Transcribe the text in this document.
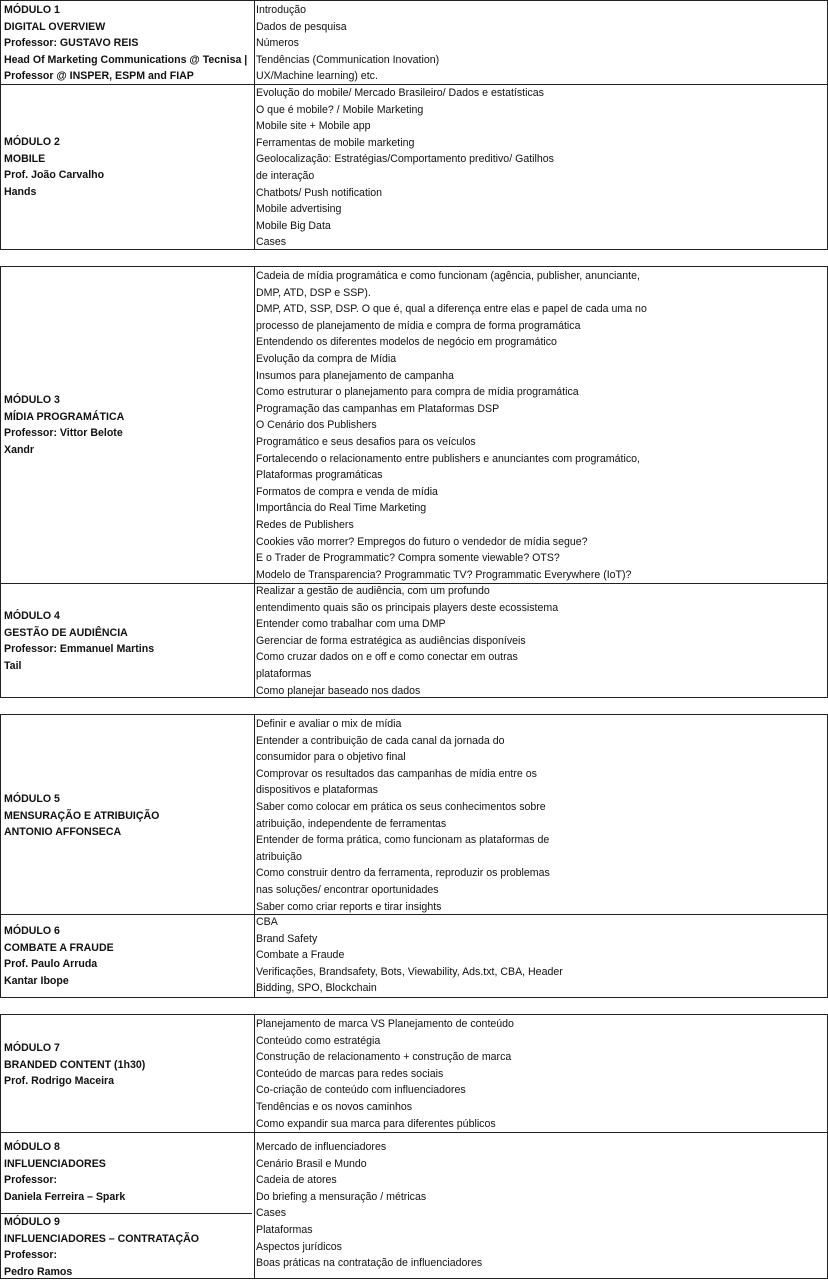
MÓDULO 1
DIGITAL OVERVIEW
Professor: GUSTAVO REIS
Head Of Marketing Communications @ Tecnisa |
Professor @ INSPER, ESPM and FIAP
Introdução
Dados de pesquisa
Números
Tendências (Communication Inovation)
UX/Machine learning) etc.
MÓDULO 2
MOBILE
Prof. João Carvalho
Hands
Evolução do mobile/ Mercado Brasileiro/ Dados e estatísticas
O que é mobile? / Mobile Marketing
Mobile site + Mobile app
Ferramentas de mobile marketing
Geolocalização: Estratégias/Comportamento preditivo/ Gatilhos
de interação
Chatbots/ Push notification
Mobile advertising
Mobile Big Data
Cases
MÓDULO 3
MÍDIA PROGRAMÁTICA
Professor: Vittor Belote
Xandr
Cadeia de mídia programática e como funcionam (agência, publisher, anunciante,
DMP, ATD, DSP e SSP).
DMP, ATD, SSP, DSP. O que é, qual a diferença entre elas e papel de cada uma no
processo de planejamento de mídia e compra de forma programática
Entendendo os diferentes modelos de negócio em programático
Evolução da compra de Mídia
Insumos para planejamento de campanha
Como estruturar o planejamento para compra de mídia programática
Programação das campanhas em Plataformas DSP
O Cenário dos Publishers
Programático e seus desafios para os veículos
Fortalecendo o relacionamento entre publishers e anunciantes com programático,
Plataformas programáticas
Formatos de compra e venda de mídia
Importância do Real Time Marketing
Redes de Publishers
Cookies vão morrer? Empregos do futuro o vendedor de mídia segue?
E o Trader de Programmatic? Compra somente viewable? OTS?
Modelo de Transparencia? Programmatic TV? Programmatic Everywhere (IoT)?
MÓDULO 4
GESTÃO DE AUDIÊNCIA
Professor: Emmanuel Martins
Tail
Realizar a gestão de audiência, com um profundo
entendimento quais são os principais players deste ecossistema
Entender como trabalhar com uma DMP
Gerenciar de forma estratégica as audiências disponíveis
Como cruzar dados on e off e como conectar em outras
plataformas
Como planejar baseado nos dados
MÓDULO 5
MENSURAÇÃO E ATRIBUIÇÃO
ANTONIO AFFONSECA
Definir e avaliar o mix de mídia
Entender a contribuição de cada canal da jornada do
consumidor para o objetivo final
Comprovar os resultados das campanhas de mídia entre os
dispositivos e plataformas
Saber como colocar em prática os seus conhecimentos sobre
atribuição, independente de ferramentas
Entender de forma prática, como funcionam as plataformas de
atribuição
Como construir dentro da ferramenta, reproduzir os problemas
nas soluções/ encontrar oportunidades
Saber como criar reports e tirar insights
MÓDULO 6
COMBATE A FRAUDE
Prof. Paulo Arruda
Kantar Ibope
CBA
Brand Safety
Combate a Fraude
Verificações, Brandsafety, Bots, Viewability, Ads.txt, CBA, Header
Bidding, SPO, Blockchain
MÓDULO 7
BRANDED CONTENT (1h30)
Prof. Rodrigo Maceira
Planejamento de marca VS Planejamento de conteúdo
Conteúdo como estratégia
Construção de relacionamento + construção de marca
Conteúdo de marcas para redes sociais
Co-criação de conteúdo com influenciadores
Tendências e os novos caminhos
Como expandir sua marca para diferentes públicos
MÓDULO 8
INFLUENCIADORES
Professor:
Daniela Ferreira – Spark
Mercado de influenciadores
Cenário Brasil e Mundo
Cadeia de atores
Do briefing a mensuração / métricas
Cases
Plataformas
Aspectos jurídicos
Boas práticas na contratação de influenciadores
MÓDULO 9
INFLUENCIADORES – CONTRATAÇÃO
Professor:
Pedro Ramos
